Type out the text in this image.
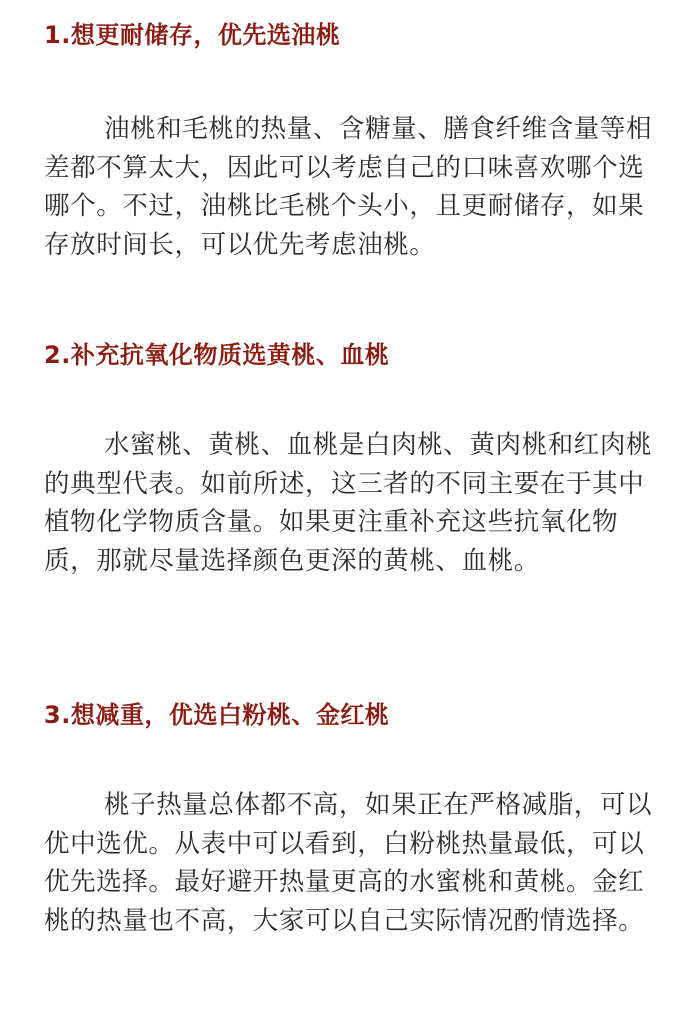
1.想更耐储存，优先选油桃

油桃和毛桃的热量、含糖量、膳食纤维含量等相差都不算太大，因此可以考虑自己的口味喜欢哪个选哪个。不过，油桃比毛桃个头小，且更耐储存，如果存放时间长，可以优先考虑油桃。

2.补充抗氧化物质选黄桃、血桃

水蜜桃、黄桃、血桃是白肉桃、黄肉桃和红肉桃的典型代表。如前所述，这三者的不同主要在于其中植物化学物质含量。如果更注重补充这些抗氧化物质，那就尽量选择颜色更深的黄桃、血桃。

3.想减重，优选白粉桃、金红桃

桃子热量总体都不高，如果正在严格减脂，可以优中选优。从表中可以看到，白粉桃热量最低，可以优先选择。最好避开热量更高的水蜜桃和黄桃。金红桃的热量也不高，大家可以自己实际情况酌情选择。
